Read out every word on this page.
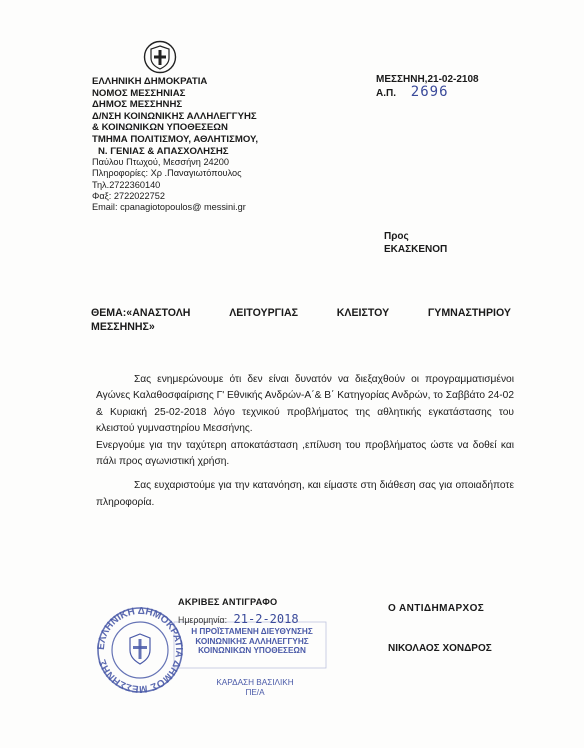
ΕΛΛΗΝΙΚΗ ΔΗΜΟΚΡΑΤΙΑ
ΝΟΜΟΣ ΜΕΣΣΗΝΙΑΣ
ΔΗΜΟΣ ΜΕΣΣΗΝΗΣ
Δ/ΝΣΗ ΚΟΙΝΩΝΙΚΗΣ ΑΛΛΗΛΕΓΓΥΗΣ
& ΚΟΙΝΩΝΙΚΩΝ ΥΠΟΘΕΣΕΩΝ
ΤΜΗΜΑ ΠΟΛΙΤΙΣΜΟΥ, ΑΘΛΗΤΙΣΜΟΥ,
Ν. ΓΕΝΙΑΣ & ΑΠΑΣΧΟΛΗΣΗΣ
Παύλου Πτωχού, Μεσσήνη 24200
Πληροφορίες: Χρ .Παναγιωτόπουλος
Τηλ.2722360140
Φαξ: 2722022752
Email: cpanagiotopoulos@ messini.gr
ΜΕΣΣΗΝΗ,21-02-2108
Α.Π. 2696
Προς
ΕΚΑΣΚΕΝΟΠ
ΘΕΜΑ:«ΑΝΑΣΤΟΛΗ	ΛΕΙΤΟΥΡΓΙΑΣ	ΚΛΕΙΣΤΟΥ	ΓΥΜΝΑΣΤΗΡΙΟΥ
ΜΕΣΣΗΝΗΣ»

Σας ενημερώνουμε ότι δεν είναι δυνατόν να διεξαχθούν οι προγραμματισμένοι Αγώνες Καλαθοσφαίρισης Γ' Εθνικής Ανδρών-Α΄& Β΄ Κατηγορίας Ανδρών, το Σαββάτο 24-02 & Κυριακή 25-02-2018 λόγο τεχνικού προβλήματος της αθλητικής εγκατάστασης του κλειστού γυμναστηρίου Μεσσήνης.

Ενεργούμε για την ταχύτερη αποκατάσταση ,επίλυση του προβλήματος ώστε να δοθεί και πάλι προς αγωνιστική χρήση.

Σας ευχαριστούμε για την κατανόηση, και είμαστε στη διάθεση σας για οποιαδήποτε πληροφορία.

ΕΛΛΗΝΙΚΗ ΔΗΜΟΚΡΑΤΙΑ ΔΗΜΟΣ ΜΕΣΣΗΝΗΣ
ΑΚΡΙΒΕΣ ΑΝΤΙΓΡΑΦΟ
Ημερομηνία: 21-2-2018
Η ΠΡΟΪΣΤΑΜΕΝΗ ΔΙΕΥΘΥΝΣΗΣ
ΚΟΙΝΩΝΙΚΗΣ ΑΛΛΗΛΕΓΓΥΗΣ
ΚΟΙΝΩΝΙΚΩΝ ΥΠΟΘΕΣΕΩΝ
ΚΑΡΔΑΣΗ ΒΑΣΙΛΙΚΗ
ΠΕ/Α
Ο ΑΝΤΙΔΗΜΑΡΧΟΣ
ΝΙΚΟΛΑΟΣ ΧΟΝΔΡΟΣ
